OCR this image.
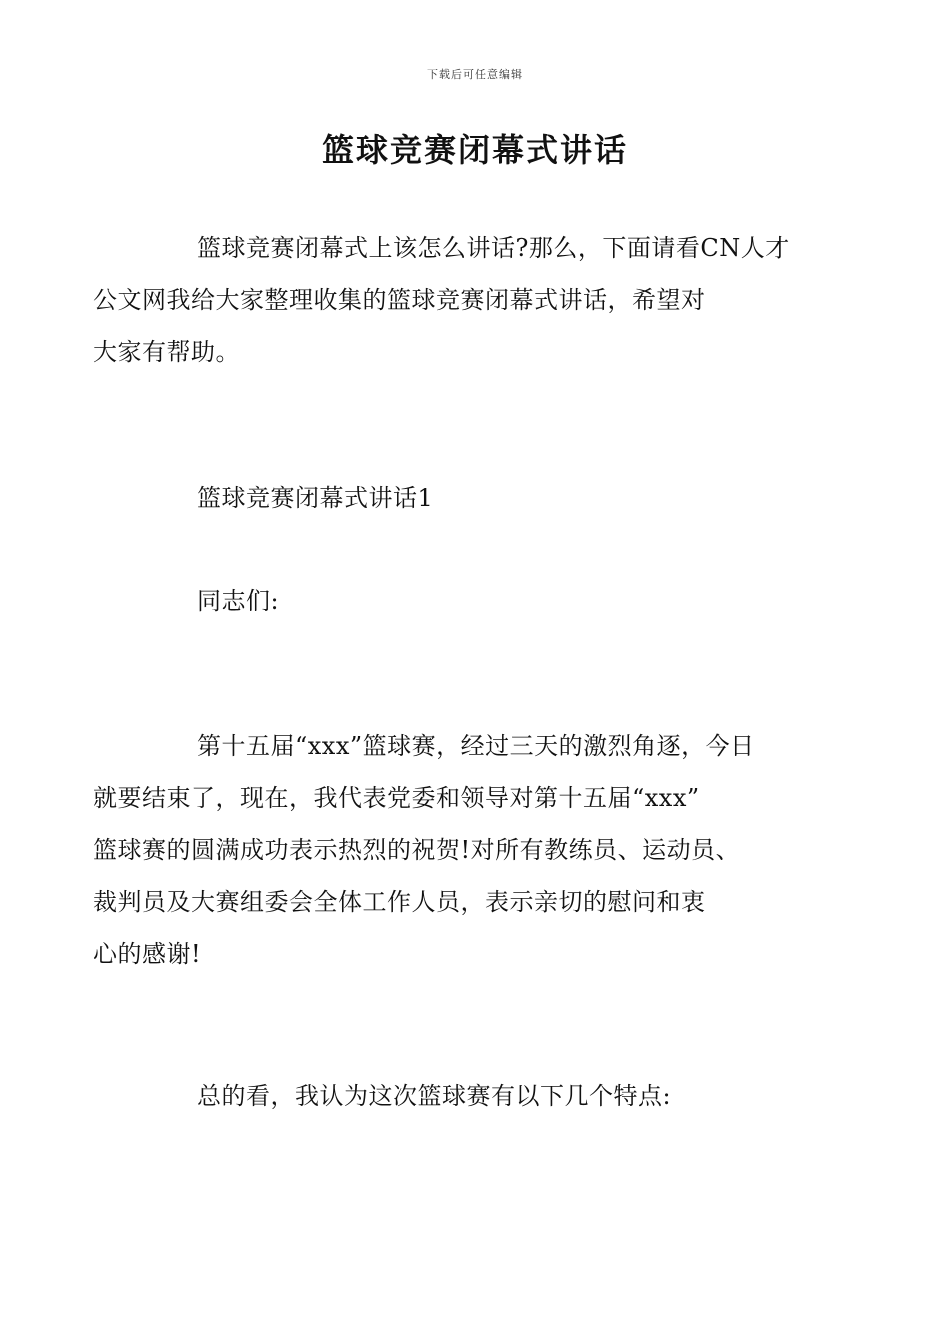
下载后可任意编辑
篮球竞赛闭幕式讲话

篮球竞赛闭幕式上该怎么讲话?那么，下面请看CN人才
公文网我给大家整理收集的篮球竞赛闭幕式讲话，希望对
大家有帮助。

篮球竞赛闭幕式讲话1

同志们:

第十五届“xxx”篮球赛，经过三天的激烈角逐，今日
就要结束了，现在，我代表党委和领导对第十五届“xxx”
篮球赛的圆满成功表示热烈的祝贺!对所有教练员、运动员、
裁判员及大赛组委会全体工作人员，表示亲切的慰问和衷
心的感谢!

总的看，我认为这次篮球赛有以下几个特点:
